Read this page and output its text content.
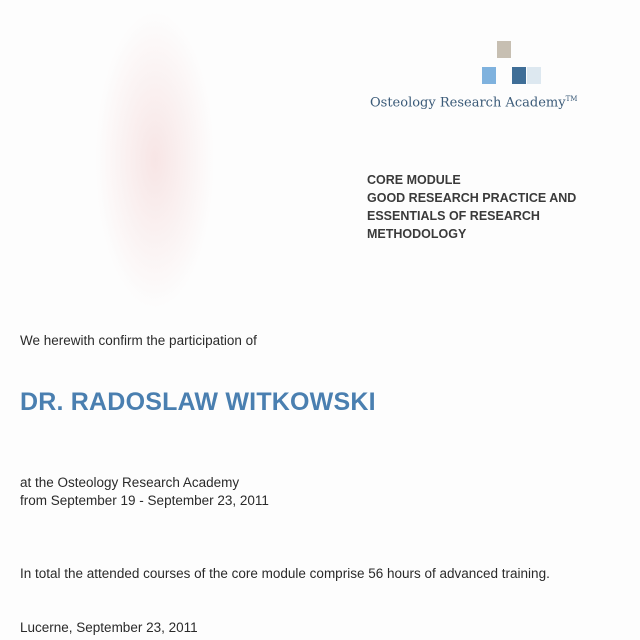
Osteology Research Academy™
CORE MODULE
GOOD RESEARCH PRACTICE AND
ESSENTIALS OF RESEARCH
METHODOLOGY
We herewith confirm the participation of
DR. RADOSLAW WITKOWSKI
at the Osteology Research Academy
from September 19 - September 23, 2011
In total the attended courses of the core module comprise 56 hours of advanced training.
Lucerne, September 23, 2011
